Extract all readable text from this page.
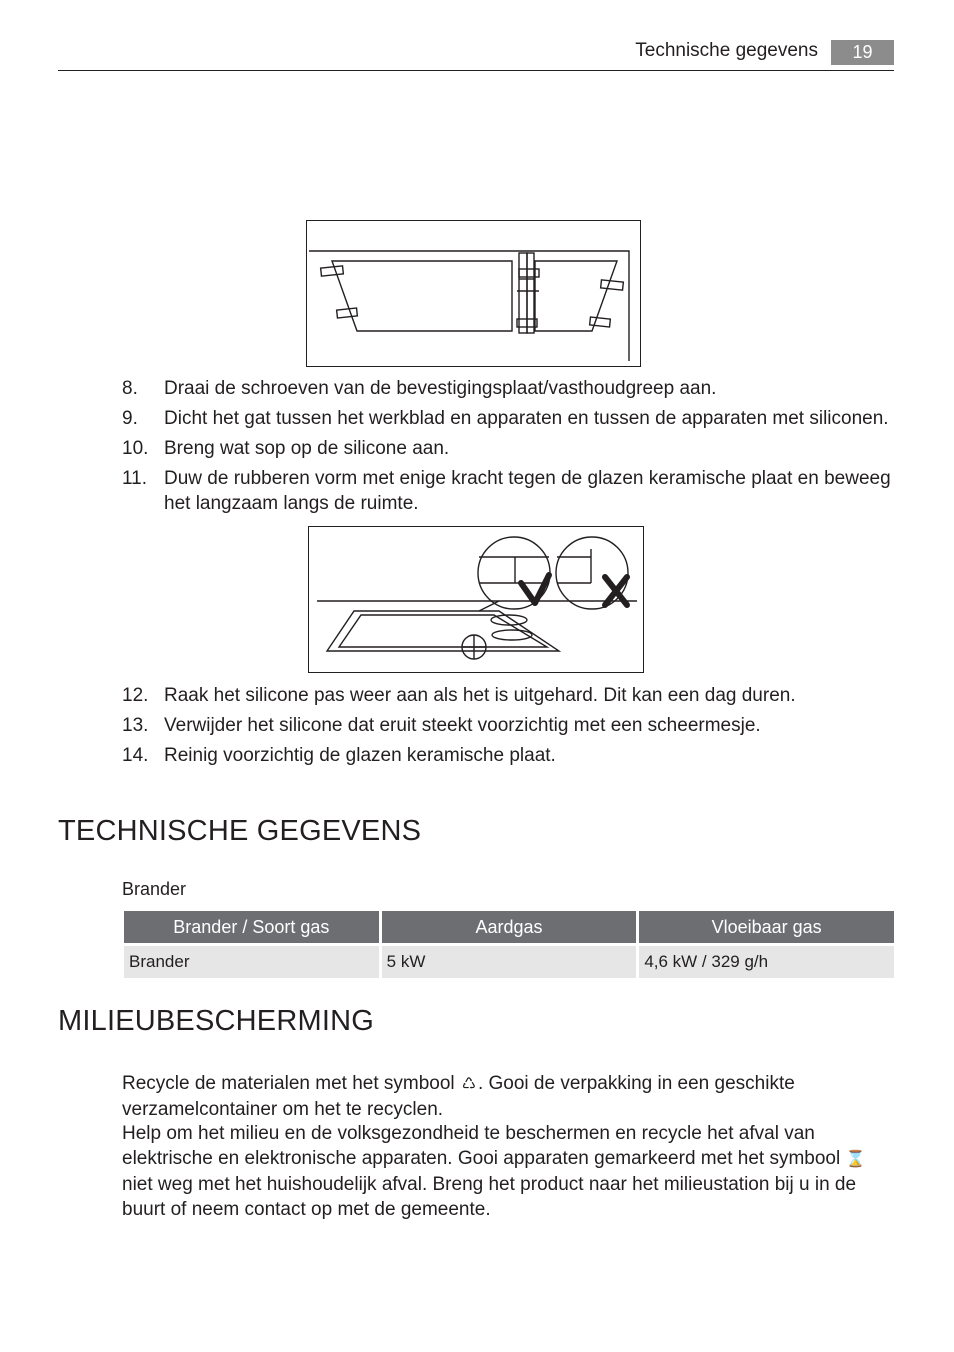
Technische gegevens	19
8. Draai de schroeven van de bevestigingsplaat/vasthoudgreep aan.
9. Dicht het gat tussen het werkblad en apparaten en tussen de apparaten met siliconen.
10. Breng wat sop op de silicone aan.
11. Duw de rubberen vorm met enige kracht tegen de glazen keramische plaat en beweeg het langzaam langs de ruimte.
12. Raak het silicone pas weer aan als het is uitgehard. Dit kan een dag duren.
13. Verwijder het silicone dat eruit steekt voorzichtig met een scheermesje.
14. Reinig voorzichtig de glazen keramische plaat.
TECHNISCHE GEGEVENS
Brander
Brander / Soort gas	Aardgas	Vloeibaar gas
Brander	5 kW	4,6 kW / 329 g/h
MILIEUBESCHERMING

Recycle de materialen met het symbool ♺. Gooi de verpakking in een geschikte verzamelcontainer om het te recyclen.

Help om het milieu en de volksgezondheid te beschermen en recycle het afval van elektrische en elektronische apparaten. Gooi apparaten gemarkeerd met het symbool ⌛ niet weg met het huishoudelijk afval. Breng het product naar het milieustation bij u in de buurt of neem contact op met de gemeente.
